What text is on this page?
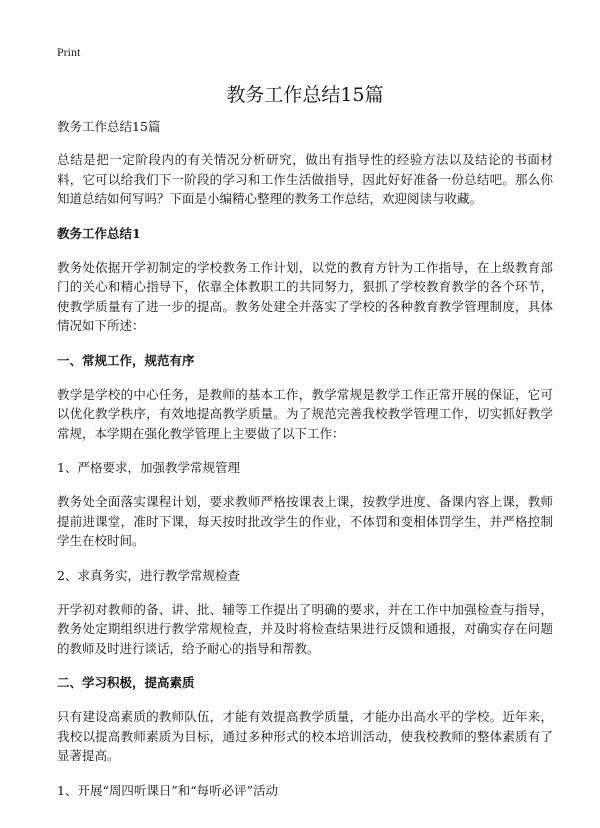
Print
教务工作总结15篇

教务工作总结15篇

总结是把一定阶段内的有关情况分析研究，做出有指导性的经验方法以及结论的书面材料，它可以给我们下一阶段的学习和工作生活做指导，因此好好准备一份总结吧。那么你知道总结如何写吗？下面是小编精心整理的教务工作总结，欢迎阅读与收藏。

教务工作总结1

教务处依据开学初制定的学校教务工作计划，以党的教育方针为工作指导，在上级教育部门的关心和精心指导下，依靠全体教职工的共同努力，狠抓了学校教育教学的各个环节，使教学质量有了进一步的提高。教务处建全并落实了学校的各种教育教学管理制度，具体情况如下所述：

一、常规工作，规范有序

教学是学校的中心任务，是教师的基本工作，教学常规是教学工作正常开展的保证，它可以优化教学秩序，有效地提高教学质量。为了规范完善我校教学管理工作，切实抓好教学常规，本学期在强化教学管理上主要做了以下工作：

1、严格要求，加强教学常规管理

教务处全面落实课程计划，要求教师严格按课表上课，按教学进度、备课内容上课，教师提前进课堂，准时下课，每天按时批改学生的作业，不体罚和变相体罚学生，并严格控制学生在校时间。

2、求真务实，进行教学常规检查

开学初对教师的备、讲、批、辅等工作提出了明确的要求，并在工作中加强检查与指导，教务处定期组织进行教学常规检查，并及时将检查结果进行反馈和通报，对确实存在问题的教师及时进行谈话，给予耐心的指导和帮教。

二、学习积极，提高素质

只有建设高素质的教师队伍，才能有效提高教学质量，才能办出高水平的学校。近年来，我校以提高教师素质为目标，通过多种形式的校本培训活动，使我校教师的整体素质有了显著提高。

1、开展“周四听课日”和“每听必评”活动
